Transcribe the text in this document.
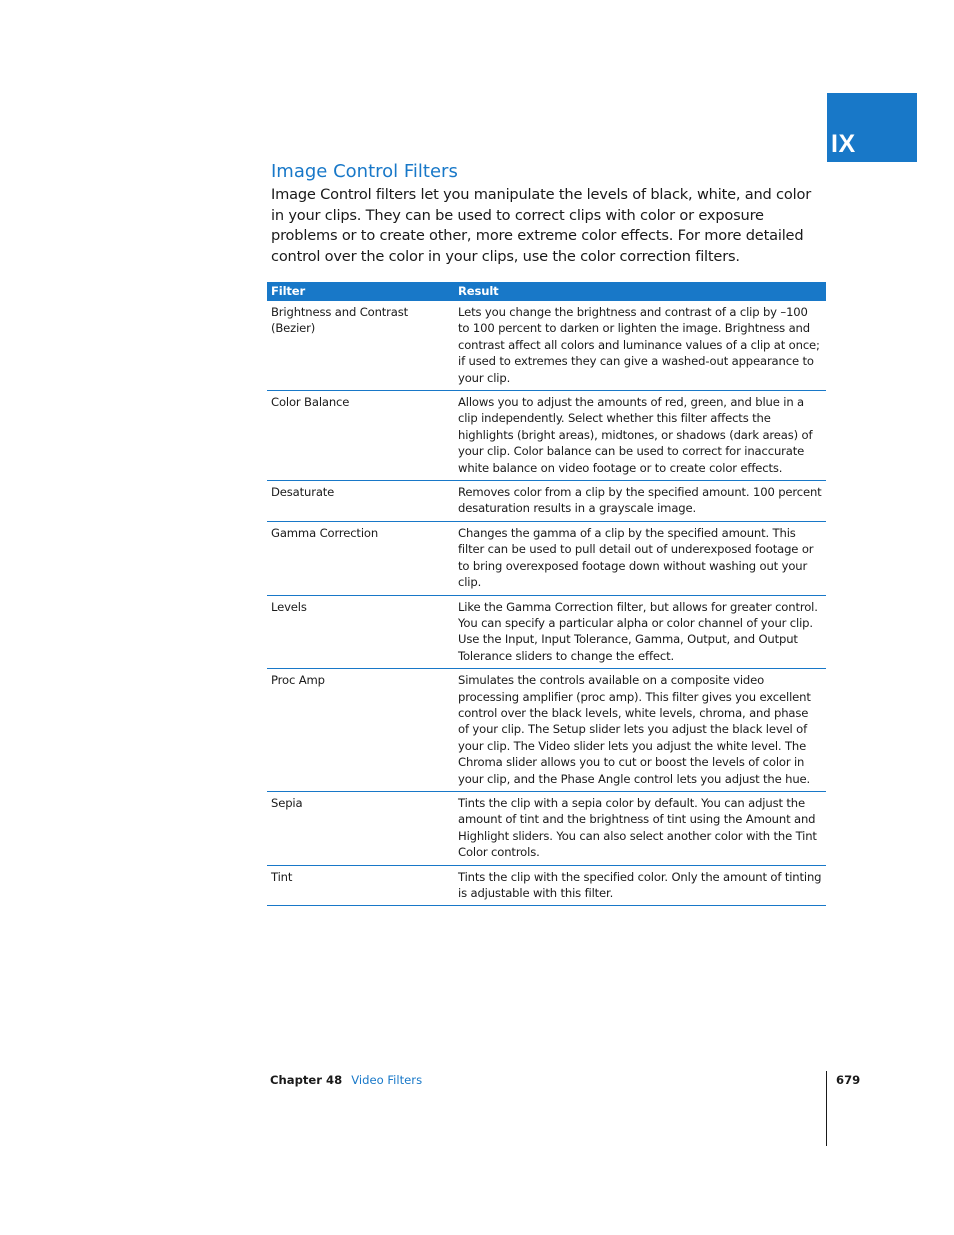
IX
Image Control Filters

Image Control filters let you manipulate the levels of black, white, and color in your clips. They can be used to correct clips with color or exposure problems or to create other, more extreme color effects. For more detailed control over the color in your clips, use the color correction filters.

Filter	Result
Brightness and Contrast (Bezier)	Lets you change the brightness and contrast of a clip by –100 to 100 percent to darken or lighten the image. Brightness and contrast affect all colors and luminance values of a clip at once; if used to extremes they can give a washed-out appearance to your clip.
Color Balance	Allows you to adjust the amounts of red, green, and blue in a clip independently. Select whether this filter affects the highlights (bright areas), midtones, or shadows (dark areas) of your clip. Color balance can be used to correct for inaccurate white balance on video footage or to create color effects.
Desaturate	Removes color from a clip by the specified amount. 100 percent desaturation results in a grayscale image.
Gamma Correction	Changes the gamma of a clip by the specified amount. This filter can be used to pull detail out of underexposed footage or to bring overexposed footage down without washing out your clip.
Levels	Like the Gamma Correction filter, but allows for greater control. You can specify a particular alpha or color channel of your clip. Use the Input, Input Tolerance, Gamma, Output, and Output Tolerance sliders to change the effect.
Proc Amp	Simulates the controls available on a composite video processing amplifier (proc amp). This filter gives you excellent control over the black levels, white levels, chroma, and phase of your clip. The Setup slider lets you adjust the black level of your clip. The Video slider lets you adjust the white level. The Chroma slider allows you to cut or boost the levels of color in your clip, and the Phase Angle control lets you adjust the hue.
Sepia	Tints the clip with a sepia color by default. You can adjust the amount of tint and the brightness of tint using the Amount and Highlight sliders. You can also select another color with the Tint Color controls.
Tint	Tints the clip with the specified color. Only the amount of tinting is adjustable with this filter.

Chapter 48 Video Filters	679
